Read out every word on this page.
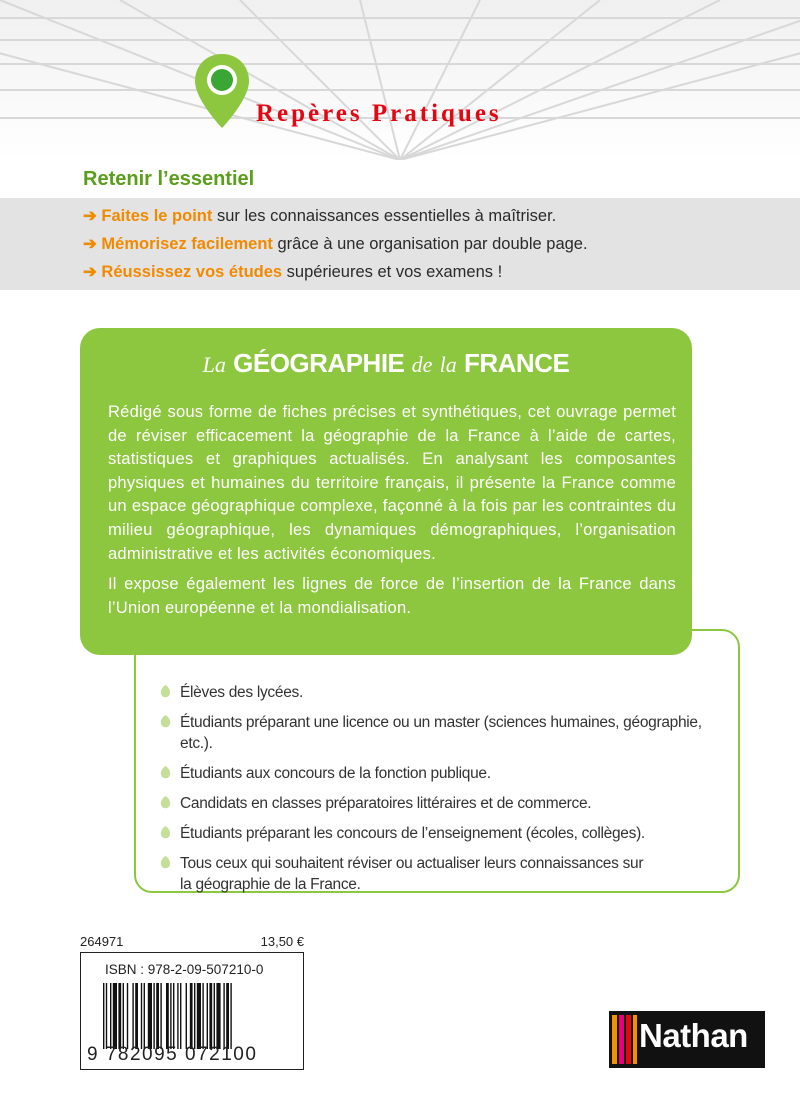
Repères Pratiques
Retenir l’essentiel
➔ Faites le point sur les connaissances essentielles à maîtriser.
➔ Mémorisez facilement grâce à une organisation par double page.
➔ Réussissez vos études supérieures et vos examens !
La GÉOGRAPHIE de la FRANCE

Rédigé sous forme de fiches précises et synthétiques, cet ouvrage permet de réviser efficacement la géographie de la France à l’aide de cartes, statistiques et graphiques actualisés. En analysant les composantes physiques et humaines du territoire français, il présente la France comme un espace géographique complexe, façonné à la fois par les contraintes du milieu géographique, les dynamiques démographiques, l’organisation administrative et les activités économiques.

Il expose également les lignes de force de l’insertion de la France dans l’Union européenne et la mondialisation.

Élèves des lycées.
Étudiants préparant une licence ou un master (sciences humaines, géographie, etc.).
Étudiants aux concours de la fonction publique.
Candidats en classes préparatoires littéraires et de commerce.
Étudiants préparant les concours de l’enseignement (écoles, collèges).
Tous ceux qui souhaitent réviser ou actualiser leurs connaissances sur la géographie de la France.
264971	13,50 €
ISBN : 978-2-09-507210-0
9 782095 072100
Nathan
